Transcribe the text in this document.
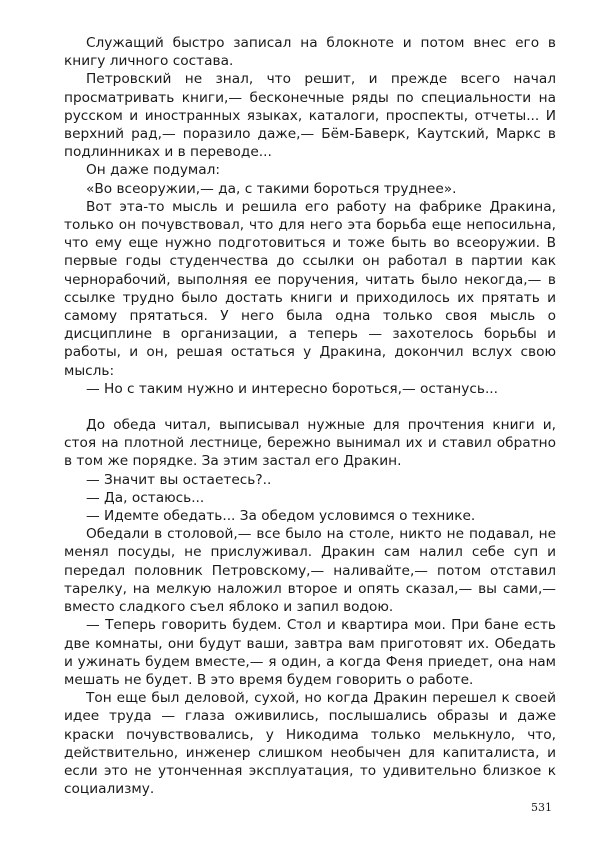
Служащий быстро записал на блокноте и потом внес его в книгу личного состава.

Петровский не знал, что решит, и прежде всего начал просматривать книги,— бесконечные ряды по специальности на русском и иностранных языках, каталоги, проспекты, отчеты... И верхний рад,— поразило даже,— Бём-Баверк, Каутский, Маркс в подлинниках и в переводе...

Он даже подумал:

«Во всеоружии,— да, с такими бороться труднее».

Вот эта-то мысль и решила его работу на фабрике Дракина, только он почувствовал, что для него эта борьба еще непосильна, что ему еще нужно подготовиться и тоже быть во всеоружии. В первые годы студенчества до ссылки он работал в партии как чернорабочий, выполняя ее поручения, читать было некогда,— в ссылке трудно было достать книги и приходилось их прятать и самому прятаться. У него была одна только своя мысль о дисциплине в организации, а теперь — захотелось борьбы и работы, и он, решая остаться у Дракина, докончил вслух свою мысль:

— Но с таким нужно и интересно бороться,— останусь...

До обеда читал, выписывал нужные для прочтения книги и, стоя на плотной лестнице, бережно вынимал их и ставил обратно в том же порядке. За этим застал его Дракин.

— Значит вы остаетесь?..

— Да, остаюсь...

— Идемте обедать... За обедом условимся о технике.

Обедали в столовой,— все было на столе, никто не подавал, не менял посуды, не прислуживал. Дракин сам налил себе суп и передал половник Петровскому,— наливайте,— потом отставил тарелку, на мелкую наложил второе и опять сказал,— вы сами,— вместо сладкого съел яблоко и запил водою.

— Теперь говорить будем. Стол и квартира мои. При бане есть две комнаты, они будут ваши, завтра вам приготовят их. Обедать и ужинать будем вместе,— я один, а когда Феня приедет, она нам мешать не будет. В это время будем говорить о работе.

Тон еще был деловой, сухой, но когда Дракин перешел к своей идее труда — глаза оживились, послышались образы и даже краски почувствовались, у Никодима только мелькнуло, что, действительно, инженер слишком необычен для капиталиста, и если это не утонченная эксплуатация, то удивительно близкое к социализму.

531
